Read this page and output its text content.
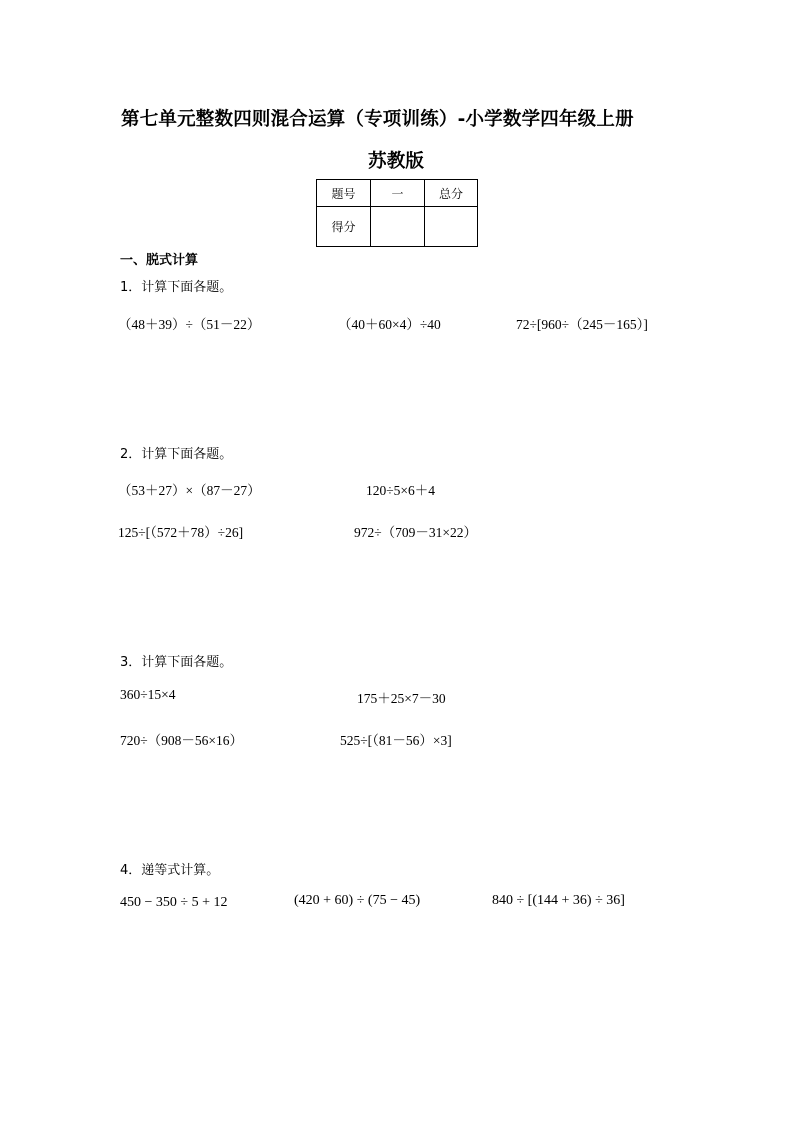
第七单元整数四则混合运算（专项训练）-小学数学四年级上册
苏教版
题号	一	总分
得分		
一、脱式计算
1．计算下面各题。
（48＋39）÷（51－22）	（40＋60×4）÷40	72÷[960÷（245－165）]
2．计算下面各题。
（53＋27）×（87－27）	120÷5×6＋4
125÷[（572＋78）÷26]	972÷（709－31×22）
3．计算下面各题。
360÷15×4	175＋25×7－30
720÷（908－56×16）	525÷[（81－56）×3]
4．递等式计算。
450 − 350 ÷ 5 + 12	(420 + 60) ÷ (75 − 45)	840 ÷ [(144 + 36) ÷ 36]
